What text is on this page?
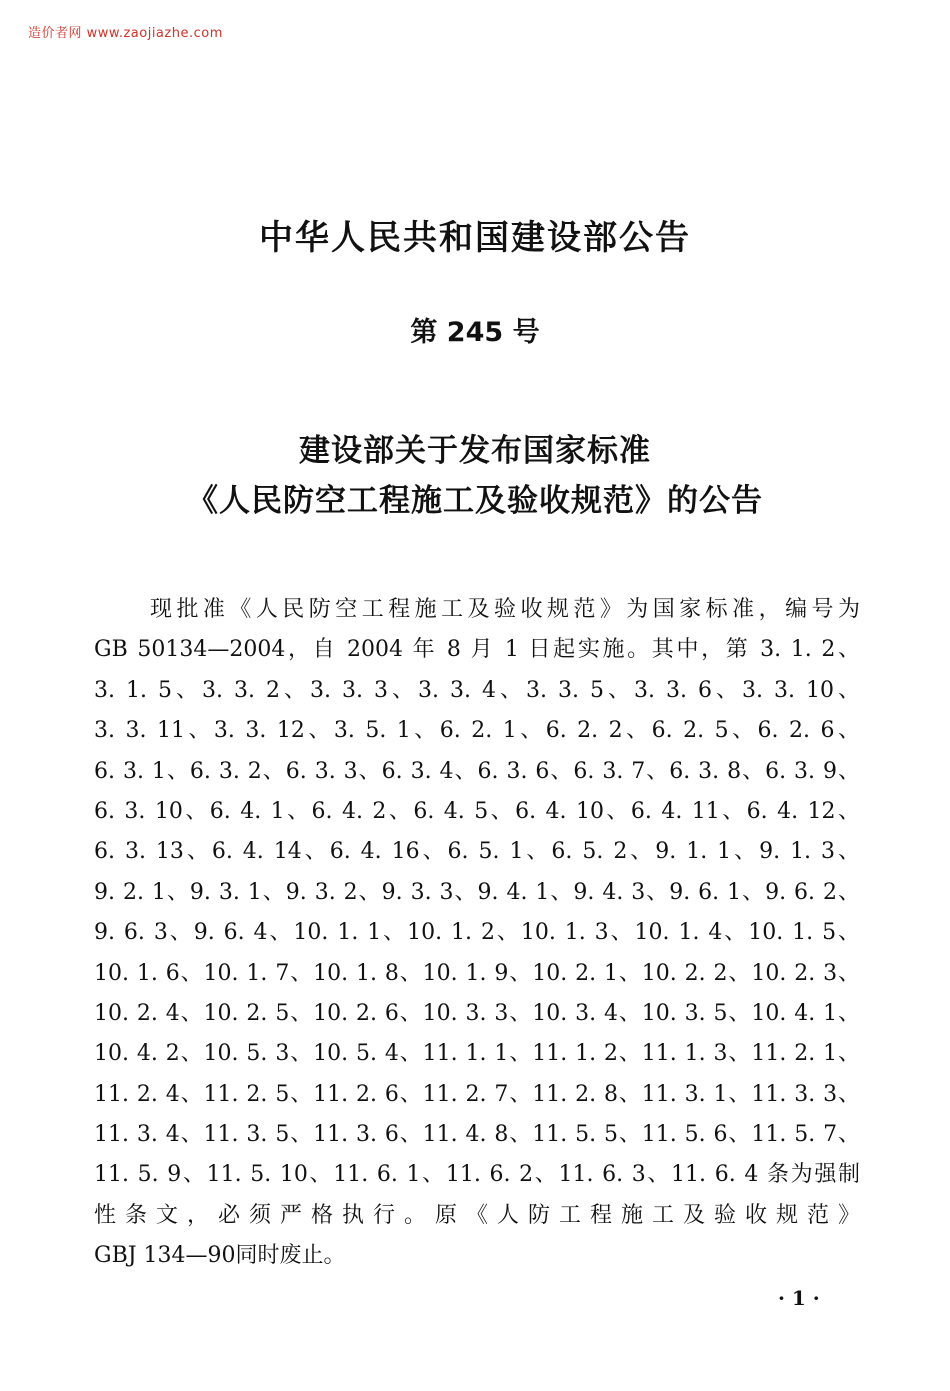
造价者网 www.zaojiazhe.com
中华人民共和国建设部公告
第 245 号
建设部关于发布国家标准
《人民防空工程施工及验收规范》的公告
现批准《人民防空工程施工及验收规范》为国家标准，编号为
GB 50134—2004，自 2004 年 8 月 1 日起实施。其中，第 3. 1. 2、
3. 1. 5、3. 3. 2、3. 3. 3、3. 3. 4、3. 3. 5、3. 3. 6、3. 3. 10、
3. 3. 11、3. 3. 12、3. 5. 1、6. 2. 1、6. 2. 2、6. 2. 5、6. 2. 6、
6. 3. 1、6. 3. 2、6. 3. 3、6. 3. 4、6. 3. 6、6. 3. 7、6. 3. 8、6. 3. 9、
6. 3. 10、6. 4. 1、6. 4. 2、6. 4. 5、6. 4. 10、6. 4. 11、6. 4. 12、
6. 3. 13、6. 4. 14、6. 4. 16、6. 5. 1、6. 5. 2、9. 1. 1、9. 1. 3、
9. 2. 1、9. 3. 1、9. 3. 2、9. 3. 3、9. 4. 1、9. 4. 3、9. 6. 1、9. 6. 2、
9. 6. 3、9. 6. 4、10. 1. 1、10. 1. 2、10. 1. 3、10. 1. 4、10. 1. 5、
10. 1. 6、10. 1. 7、10. 1. 8、10. 1. 9、10. 2. 1、10. 2. 2、10. 2. 3、
10. 2. 4、10. 2. 5、10. 2. 6、10. 3. 3、10. 3. 4、10. 3. 5、10. 4. 1、
10. 4. 2、10. 5. 3、10. 5. 4、11. 1. 1、11. 1. 2、11. 1. 3、11. 2. 1、
11. 2. 4、11. 2. 5、11. 2. 6、11. 2. 7、11. 2. 8、11. 3. 1、11. 3. 3、
11. 3. 4、11. 3. 5、11. 3. 6、11. 4. 8、11. 5. 5、11. 5. 6、11. 5. 7、
11. 5. 9、11. 5. 10、11. 6. 1、11. 6. 2、11. 6. 3、11. 6. 4 条为强制
性条文，必须严格执行。原《人防工程施工及验收规范》
GBJ 134—90同时废止。
· 1 ·
